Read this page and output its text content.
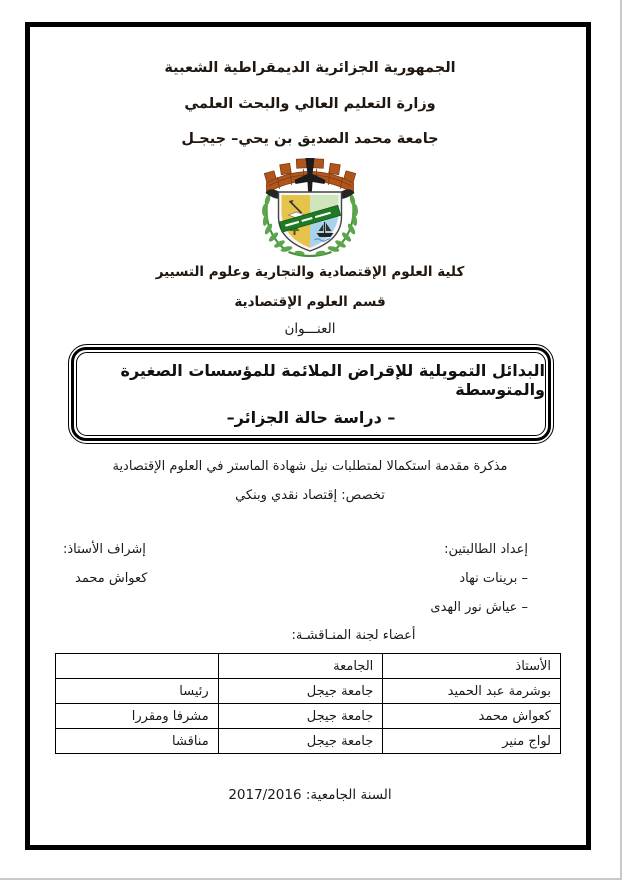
الجمهورية الجزائرية الديمقراطية الشعبية
وزارة التعليم العالي والبحث العلمي
جامعة محمد الصديق بن يحي– جيجـل
كلية العلوم الإقتصادية والتجارية وعلوم التسيير
قسم العلوم الإقتصادية
العنـــوان
البدائل التمويلية للإقراض الملائمة للمؤسسات الصغيرة والمتوسطة
– دراسة حالة الجزائر–
مذكرة مقدمة استكمالا لمتطلبات نيل شهادة الماستر في العلوم الإقتصادية
تخصص: إقتصاد نقدي وبنكي
إعداد الطالبتين:
إشراف الأستاذ:
– برينات نهاد
كعواش محمد
– عياش نور الهدى
أعضاء لجنة المنـاقشـة:
الأستاذ	الجامعة	
بوشرمة عبد الحميد	جامعة جيجل	رئيسا
كعواش محمد	جامعة جيجل	مشرفا ومقررا
لواج منير	جامعة جيجل	مناقشا
السنة الجامعية: 2017/2016
